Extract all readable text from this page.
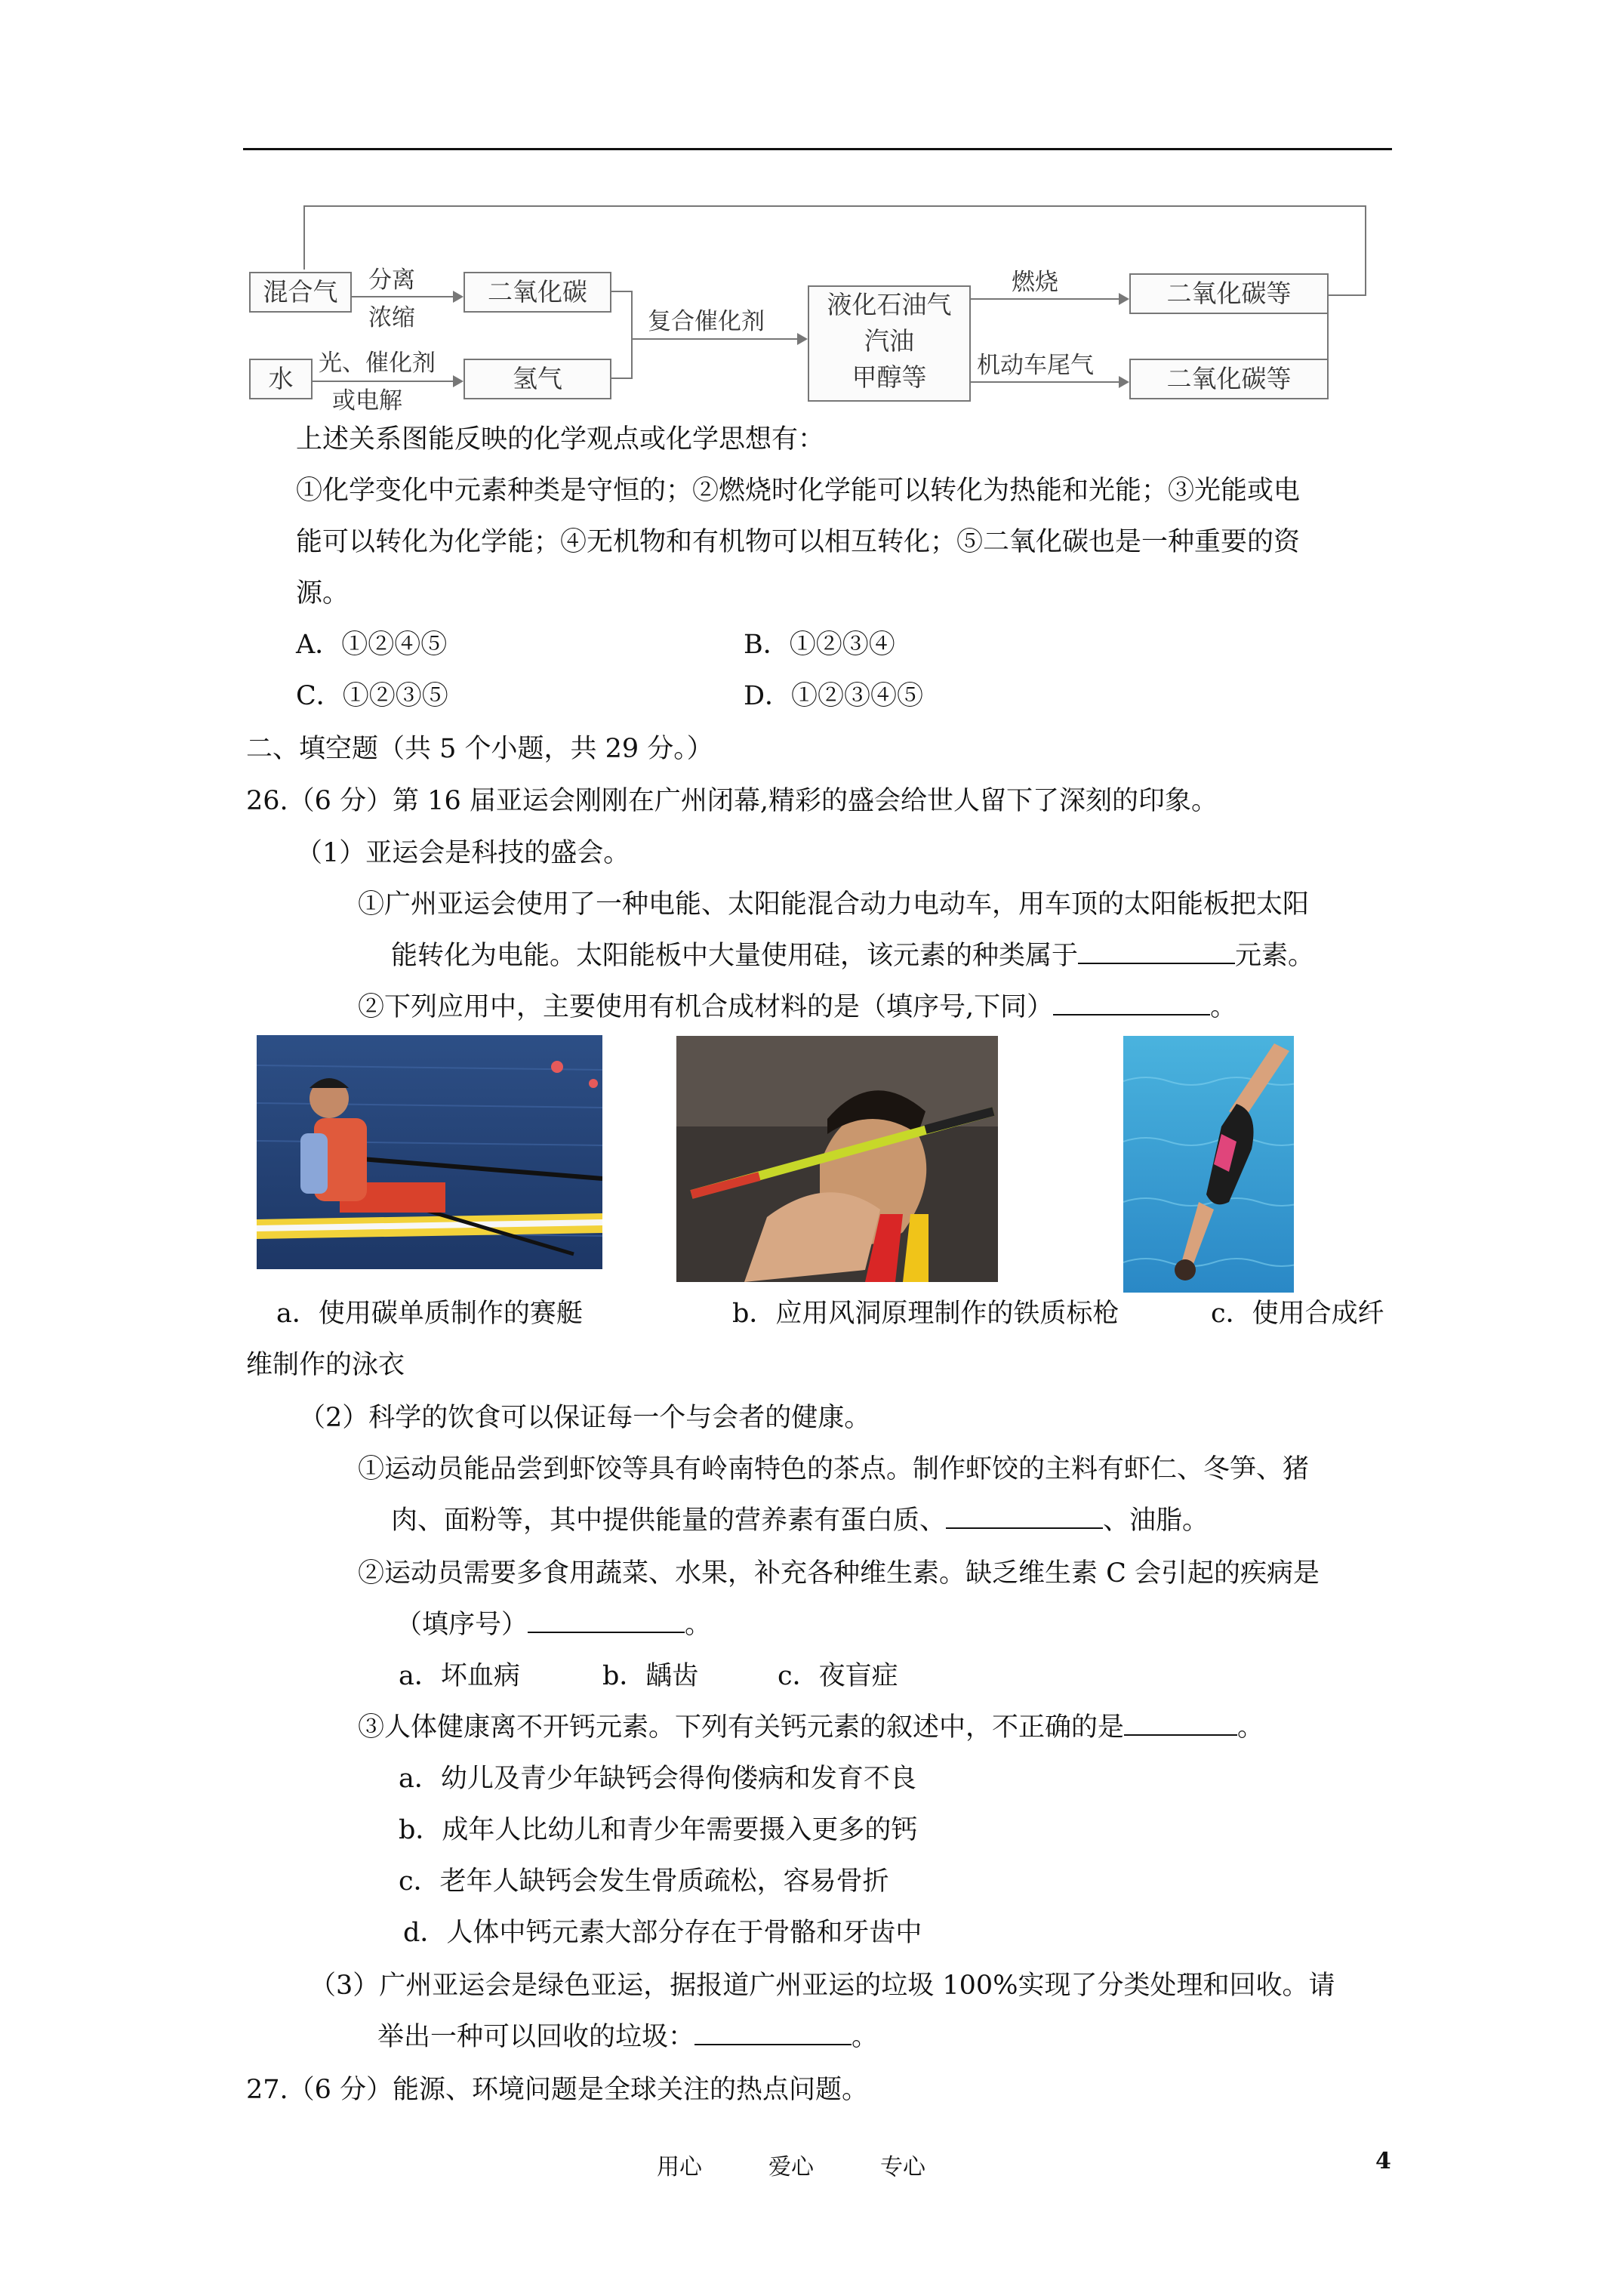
混合气
水
二氧化碳
氢气
液化石油气
汽油
甲醇等
二氧化碳等
二氧化碳等
分离
浓缩
光、催化剂
或电解
复合催化剂
燃烧
机动车尾气
上述关系图能反映的化学观点或化学思想有：
①化学变化中元素种类是守恒的；②燃烧时化学能可以转化为热能和光能；③光能或电
能可以转化为化学能；④无机物和有机物可以相互转化；⑤二氧化碳也是一种重要的资
源。
A．①②④⑤	B．①②③④
C．①②③⑤	D．①②③④⑤
二、填空题（共 5 个小题，共 29 分。）
26.（6 分）第 16 届亚运会刚刚在广州闭幕,精彩的盛会给世人留下了深刻的印象。
（1）亚运会是科技的盛会。
①广州亚运会使用了一种电能、太阳能混合动力电动车，用车顶的太阳能板把太阳
能转化为电能。太阳能板中大量使用硅，该元素的种类属于	元素。
②下列应用中，主要使用有机合成材料的是（填序号,下同）	。
a．使用碳单质制作的赛艇	b．应用风洞原理制作的铁质标枪	c．使用合成纤
维制作的泳衣
（2）科学的饮食可以保证每一个与会者的健康。
①运动员能品尝到虾饺等具有岭南特色的茶点。制作虾饺的主料有虾仁、冬笋、猪
肉、面粉等，其中提供能量的营养素有蛋白质、	、油脂。
②运动员需要多食用蔬菜、水果，补充各种维生素。缺乏维生素 C 会引起的疾病是
（填序号）	。
a．坏血病	b．龋齿	c．夜盲症
③人体健康离不开钙元素。下列有关钙元素的叙述中，不正确的是	。
a．幼儿及青少年缺钙会得佝偻病和发育不良
b．成年人比幼儿和青少年需要摄入更多的钙
c．老年人缺钙会发生骨质疏松，容易骨折
d．人体中钙元素大部分存在于骨骼和牙齿中
（3）广州亚运会是绿色亚运，据报道广州亚运的垃圾 100%实现了分类处理和回收。请
举出一种可以回收的垃圾：	。
27.（6 分）能源、环境问题是全球关注的热点问题。
用心	爱心	专心	4
